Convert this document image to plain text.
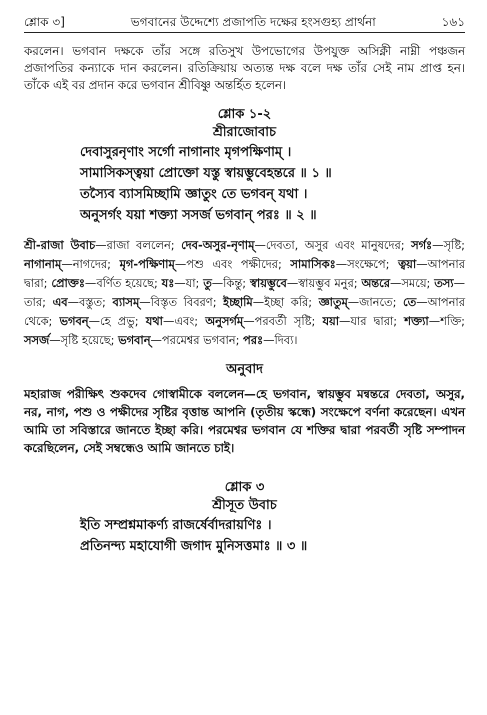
শ্লোক ৩]	ভগবানের উদ্দেশ্যে প্রজাপতি দক্ষের হংসগুহ্য প্রার্থনা	১৬১

করলেন। ভগবান দক্ষকে তাঁর সঙ্গে রতিসুখ উপভোগের উপযুক্ত অসিক্নী নাম্নী পঞ্চজন প্রজাপতির কন্যাকে দান করলেন। রতিক্রিয়ায় অত্যন্ত দক্ষ বলে দক্ষ তাঁর সেই নাম প্রাপ্ত হন। তাঁকে এই বর প্রদান করে ভগবান শ্রীবিষ্ণু অন্তর্হিত হলেন।

শ্লোক ১-২
শ্রীরাজোবাচ
দেবাসুরনৃণাং সর্গো নাগানাং মৃগপক্ষিণাম্ ।
সামাসিকস্ত্বয়া প্রোক্তো যস্তু স্বায়ম্ভুবেহন্তরে ॥ ১ ॥
তস্যৈব ব্যাসমিচ্ছামি জ্ঞাতুং তে ভগবন্ যথা ।
অনুসর্গং যয়া শক্ত্যা সসর্জ ভগবান্ পরঃ ॥ ২ ॥

শ্রী-রাজা উবাচ—রাজা বললেন; দেব-অসুর-নৃণাম্—দেবতা, অসুর এবং মানুষদের; সর্গঃ—সৃষ্টি; নাগানাম্—নাগদের; মৃগ-পক্ষিণাম্—পশু এবং পক্ষীদের; সামাসিকঃ—সংক্ষেপে; ত্বয়া—আপনার দ্বারা; প্রোক্তঃ—বর্ণিত হয়েছে; যঃ—যা; তু—কিন্তু; স্বায়ম্ভুবে—স্বায়ম্ভুব মনুর; অন্তরে—সময়ে; তস্য—তার; এব—বস্তুত; ব্যাসম্—বিস্তৃত বিবরণ; ইচ্ছামি—ইচ্ছা করি; জ্ঞাতুম্—জানতে; তে—আপনার থেকে; ভগবন্—হে প্রভু; যথা—এবং; অনুসর্গম্—পরবর্তী সৃষ্টি; যয়া—যার দ্বারা; শক্ত্যা—শক্তি; সসর্জ—সৃষ্টি হয়েছে; ভগবান্—পরমেশ্বর ভগবান; পরঃ—দিব্য।

অনুবাদ

মহারাজ পরীক্ষিৎ শুকদেব গোস্বামীকে বললেন—হে ভগবান, স্বায়ম্ভুব মন্বন্তরে দেবতা, অসুর, নর, নাগ, পশু ও পক্ষীদের সৃষ্টির বৃত্তান্ত আপনি (তৃতীয় স্কন্ধে) সংক্ষেপে বর্ণনা করেছেন। এখন আমি তা সবিস্তারে জানতে ইচ্ছা করি। পরমেশ্বর ভগবান যে শক্তির দ্বারা পরবর্তী সৃষ্টি সম্পাদন করেছিলেন, সেই সম্বন্ধেও আমি জানতে চাই।

শ্লোক ৩
শ্রীসূত উবাচ
ইতি সম্প্রশ্নমাকর্ণ্য রাজর্ষের্বাদরায়ণিঃ ।
প্রতিনন্দ্য মহাযোগী জগাদ মুনিসত্তমাঃ ॥ ৩ ॥
